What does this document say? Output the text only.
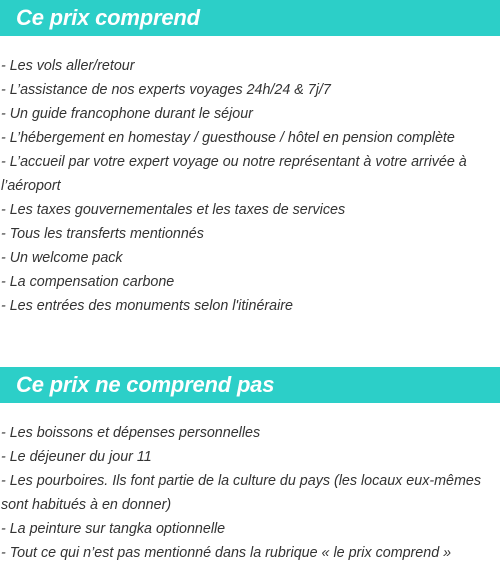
Ce prix comprend
- Les vols aller/retour
- L’assistance de nos experts voyages 24h/24 & 7j/7
- Un guide francophone durant le séjour
- L’hébergement en homestay / guesthouse / hôtel en pension complète
- L’accueil par votre expert voyage ou notre représentant à votre arrivée à l’aéroport
- Les taxes gouvernementales et les taxes de services
- Tous les transferts mentionnés
- Un welcome pack
- La compensation carbone
- Les entrées des monuments selon l'itinéraire
Ce prix ne comprend pas
- Les boissons et dépenses personnelles
- Le déjeuner du jour 11
- Les pourboires. Ils font partie de la culture du pays (les locaux eux-mêmes sont habitués à en donner)
- La peinture sur tangka optionnelle
- Tout ce qui n’est pas mentionné dans la rubrique « le prix comprend »
